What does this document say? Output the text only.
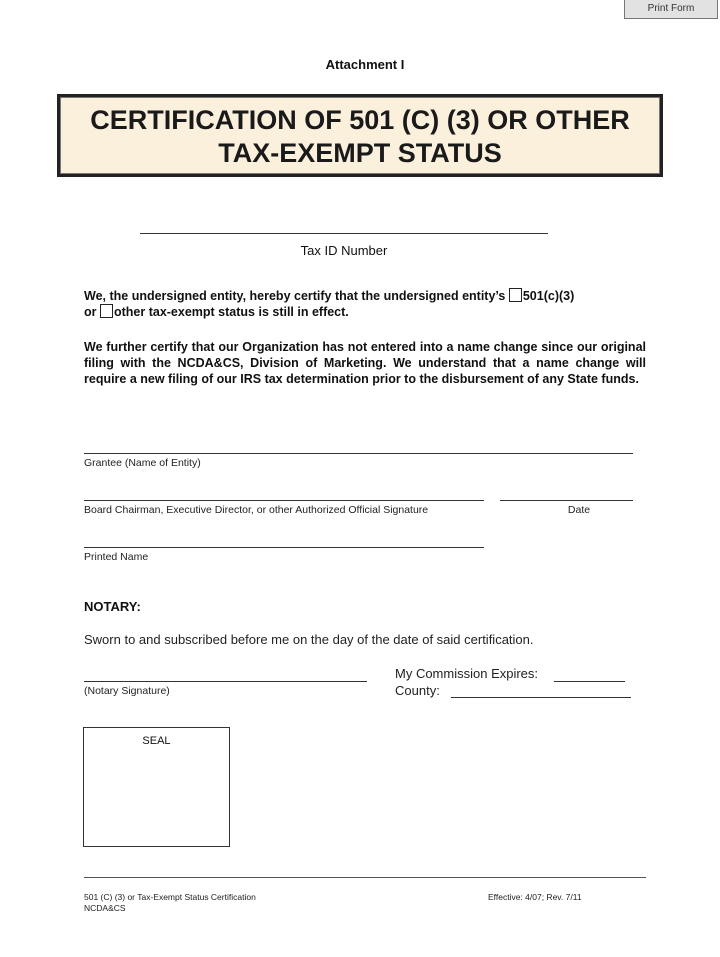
Print Form
Attachment I
CERTIFICATION OF 501 (C) (3) OR OTHER
TAX-EXEMPT STATUS
Tax ID Number
We, the undersigned entity, hereby certify that the undersigned entity’s 501(c)(3)
or other tax-exempt status is still in effect.
We further certify that our Organization has not entered into a name change since our original filing with the NCDA&CS, Division of Marketing. We understand that a name change will require a new filing of our IRS tax determination prior to the disbursement of any State funds.
Grantee (Name of Entity)
Board Chairman, Executive Director, or other Authorized Official Signature	Date
Printed Name
NOTARY:
Sworn to and subscribed before me on the day of the date of said certification.
(Notary Signature)
My Commission Expires:
County:
SEAL
501 (C) (3) or Tax-Exempt Status Certification
NCDA&CS
Effective: 4/07; Rev. 7/11
